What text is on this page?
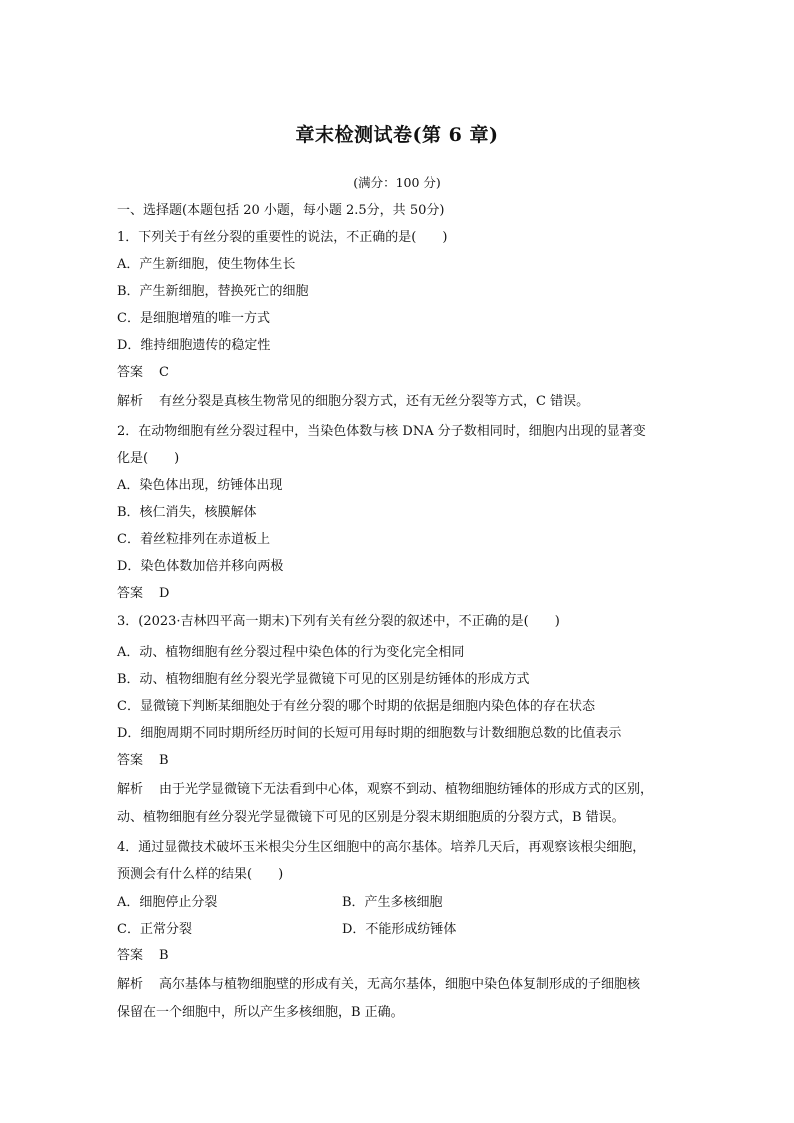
章末检测试卷(第 6 章)
(满分：100 分)
一、选择题(本题包括 20 小题，每小题 2.5分，共 50分)
1．下列关于有丝分裂的重要性的说法，不正确的是(　　)
A．产生新细胞，使生物体生长
B．产生新细胞，替换死亡的细胞
C．是细胞增殖的唯一方式
D．维持细胞遗传的稳定性
答案 C
解析 有丝分裂是真核生物常见的细胞分裂方式，还有无丝分裂等方式，C 错误。
2．在动物细胞有丝分裂过程中，当染色体数与核 DNA 分子数相同时，细胞内出现的显著变
化是(　　)
A．染色体出现，纺锤体出现
B．核仁消失，核膜解体
C．着丝粒排列在赤道板上
D．染色体数加倍并移向两极
答案 D
3．(2023·吉林四平高一期末)下列有关有丝分裂的叙述中，不正确的是(　　)
A．动、植物细胞有丝分裂过程中染色体的行为变化完全相同
B．动、植物细胞有丝分裂光学显微镜下可见的区别是纺锤体的形成方式
C．显微镜下判断某细胞处于有丝分裂的哪个时期的依据是细胞内染色体的存在状态
D．细胞周期不同时期所经历时间的长短可用每时期的细胞数与计数细胞总数的比值表示
答案 B
解析 由于光学显微镜下无法看到中心体，观察不到动、植物细胞纺锤体的形成方式的区别，
动、植物细胞有丝分裂光学显微镜下可见的区别是分裂末期细胞质的分裂方式，B 错误。
4．通过显微技术破坏玉米根尖分生区细胞中的高尔基体。培养几天后，再观察该根尖细胞，
预测会有什么样的结果(　　)
A．细胞停止分裂	B．产生多核细胞
C．正常分裂	D．不能形成纺锤体
答案 B
解析 高尔基体与植物细胞壁的形成有关，无高尔基体，细胞中染色体复制形成的子细胞核
保留在一个细胞中，所以产生多核细胞，B 正确。
